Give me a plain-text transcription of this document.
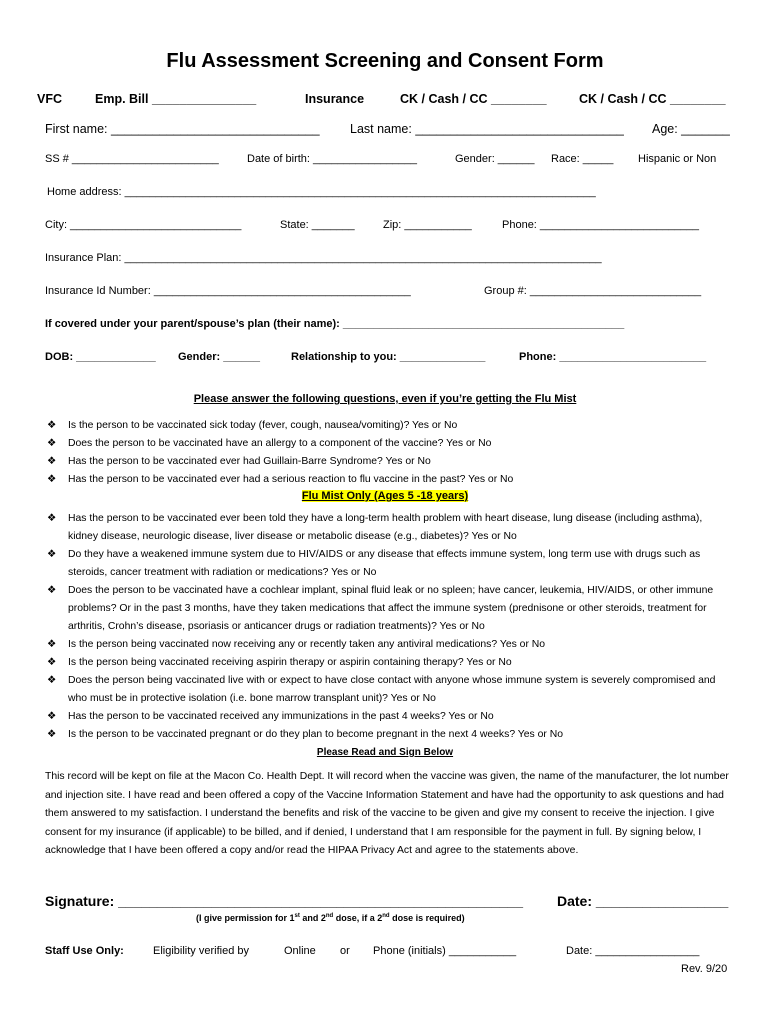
Flu Assessment Screening and Consent Form
VFC	Emp. Bill _______________	Insurance	CK / Cash / CC ________	CK / Cash / CC ________
First name: ______________________________ Last name: ______________________________ Age: _______
SS # ________________________	Date of birth: _________________	Gender: ______ Race: _____ Hispanic or Non
Home address: _____________________________________________________________________________
City: ____________________________	State: _______	Zip: ___________	Phone: __________________________
Insurance Plan: ______________________________________________________________________________
Insurance Id Number: __________________________________________	Group #: ____________________________
If covered under your parent/spouse’s plan (their name): ______________________________________________
DOB: _____________ Gender: ______	Relationship to you: ______________	Phone: ________________________
Please answer the following questions, even if you’re getting the Flu Mist
❖	Is the person to be vaccinated sick today (fever, cough, nausea/vomiting)? Yes or No
❖	Does the person to be vaccinated have an allergy to a component of the vaccine? Yes or No
❖	Has the person to be vaccinated ever had Guillain-Barre Syndrome? Yes or No
❖	Has the person to be vaccinated ever had a serious reaction to flu vaccine in the past? Yes or No
Flu Mist Only (Ages 5 -18 years)
❖	Has the person to be vaccinated ever been told they have a long-term health problem with heart disease, lung disease (including asthma), kidney disease, neurologic disease, liver disease or metabolic disease (e.g., diabetes)? Yes or No
❖	Do they have a weakened immune system due to HIV/AIDS or any disease that effects immune system, long term use with drugs such as steroids, cancer treatment with radiation or medications? Yes or No
❖	Does the person to be vaccinated have a cochlear implant, spinal fluid leak or no spleen; have cancer, leukemia, HIV/AIDS, or other immune problems? Or in the past 3 months, have they taken medications that affect the immune system (prednisone or other steroids, treatment for arthritis, Crohn’s disease, psoriasis or anticancer drugs or radiation treatments)? Yes or No
❖	Is the person being vaccinated now receiving any or recently taken any antiviral medications? Yes or No
❖	Is the person being vaccinated receiving aspirin therapy or aspirin containing therapy? Yes or No
❖	Does the person being vaccinated live with or expect to have close contact with anyone whose immune system is severely compromised and who must be in protective isolation (i.e. bone marrow transplant unit)? Yes or No
❖	Has the person to be vaccinated received any immunizations in the past 4 weeks? Yes or No
❖	Is the person to be vaccinated pregnant or do they plan to become pregnant in the next 4 weeks? Yes or No
Please Read and Sign Below
This record will be kept on file at the Macon Co. Health Dept. It will record when the vaccine was given, the name of the manufacturer, the lot number and injection site. I have read and been offered a copy of the Vaccine Information Statement and have had the opportunity to ask questions and had them answered to my satisfaction. I understand the benefits and risk of the vaccine to be given and give my consent to receive the injection. I give consent for my insurance (if applicable) to be billed, and if denied, I understand that I am responsible for the payment in full. By signing below, I acknowledge that I have been offered a copy and/or read the HIPAA Privacy Act and agree to the statements above.
Signature: ____________________________________________________ Date: _________________
(I give permission for 1st and 2nd dose, if a 2nd dose is required)
Staff Use Only:	Eligibility verified by	Online or Phone (initials) ___________	Date: _________________
Rev. 9/20
